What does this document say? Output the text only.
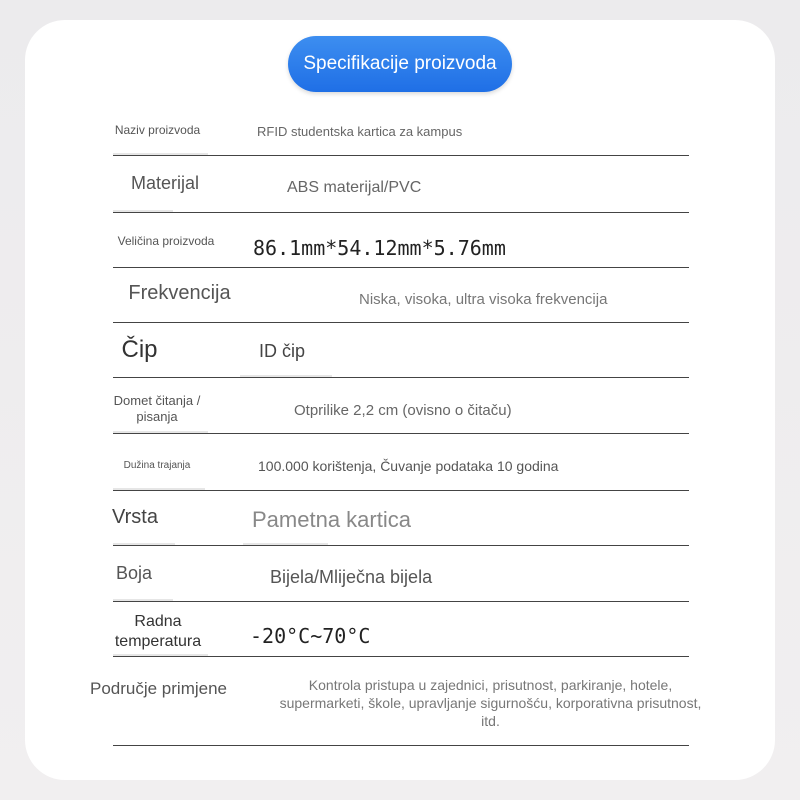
Specifikacije proizvoda
Naziv proizvoda	RFID studentska kartica za kampus
Materijal	ABS materijal/PVC
Veličina proizvoda	86.1mm*54.12mm*5.76mm
Frekvencija	Niska, visoka, ultra visoka frekvencija
Čip	ID čip
Domet čitanja / pisanja	Otprilike 2,2 cm (ovisno o čitaču)
Dužina trajanja	100.000 korištenja, Čuvanje podataka 10 godina
Vrsta	Pametna kartica
Boja	Bijela/Mliječna bijela
Radna temperatura	-20°C~70°C
Područje primjene	Kontrola pristupa u zajednici, prisutnost, parkiranje, hotele, supermarketi, škole, upravljanje sigurnošću, korporativna prisutnost, itd.
